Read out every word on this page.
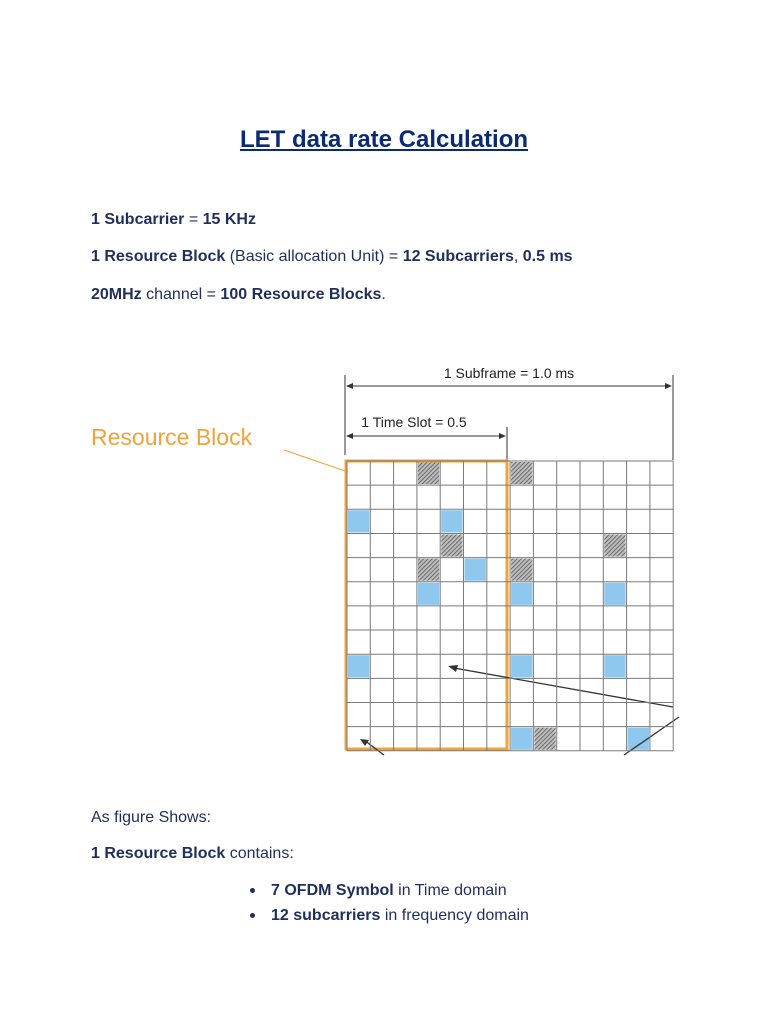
LET data rate Calculation
1 Subcarrier = 15 KHz
1 Resource Block (Basic allocation Unit) = 12 Subcarriers, 0.5 ms
20MHz channel = 100 Resource Blocks.
1 Subframe = 1.0 ms
1 Time Slot = 0.5
Resource Block
As figure Shows:
1 Resource Block contains:
7 OFDM Symbol in Time domain
12 subcarriers in frequency domain
